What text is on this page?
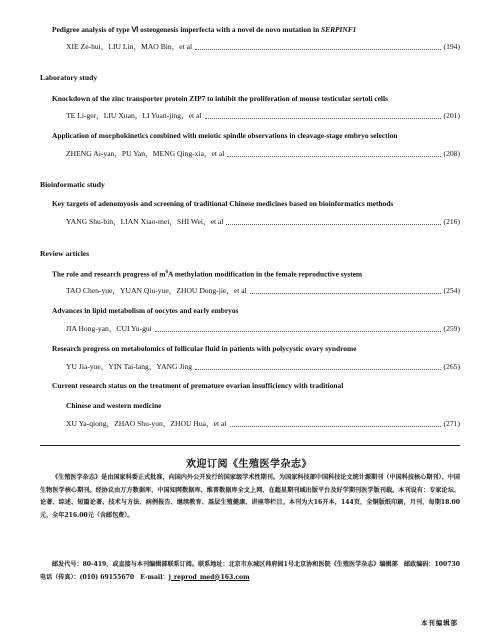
Pedigree analysis of type Ⅵ osteogenesis imperfecta with a novel de novo mutation in SERPINF1
XIE Ze-hui，LIU Lin，MAO Bin，et al	(194)
Laboratory study
Knockdown of the zinc transporter protein ZIP7 to inhibit the proliferation of mouse testicular sertoli cells
TE Li-ger，LIU Xuan，LI Yuan-jing，et al	(201)
Application of morphokinetics combined with meiotic spindle observations in cleavage-stage embryo selection
ZHENG Ai-yan，PU Yan，MENG Qing-xia，et al	(208)
Bioinformatic study
Key targets of adenomyosis and screening of traditional Chinese medicines based on bioinformatics methods
YANG Shu-bin，LIAN Xiao-mei，SHI Wei，et al	(216)
Review articles
The role and research progress of $m^6A$ methylation modification in the female reproductive system
TAO Chen-yue，YUAN Qiu-yue，ZHOU Dong-jie，et al	(254)
Advances in lipid metabolism of oocytes and early embryos
JIA Hong-yan，CUI Yu-gui	(259)
Research progress on metabolomics of follicular fluid in patients with polycystic ovary syndrome
YU Jia-yue，YIN Tai-lang，YANG Jing	(265)
Current research status on the treatment of premature ovarian insufficiency with traditional
Chinese and western medicine
XU Ya-qiong，ZHAO Shu-yun，ZHOU Hua，et al	(271)
欢迎订阅《生殖医学杂志》
《生殖医学杂志》是由国家科委正式批准，向国内外公开发行的国家级学术性期刊。为国家科技部中国科技论文统计源期刊（中国科技核心期刊）、中国生物医学核心期刊。经协议由万方数据库、中国知网数据库、维普数据库全文上网，在超星期刊域出版平台及好学期刊医学版刊载。本刊设有：专家论坛、论著、综述、短篇论著、技术与方法、病例报告、继续教育、基层生殖健康、讲座等栏目。本刊为大16开本，144页，全铜版纸印刷，月刊，每期18.00元，全年216.00元（含邮包费）。
邮发代号：80-419，或直接与本刊编辑部联系订阅。联系地址：北京市东城区帅府园1号北京协和医院《生殖医学杂志》编辑部　邮政编码：100730　电话（传真）：(010) 69155670　E-mail：j_reprod_med@163.com
本刊编辑部
